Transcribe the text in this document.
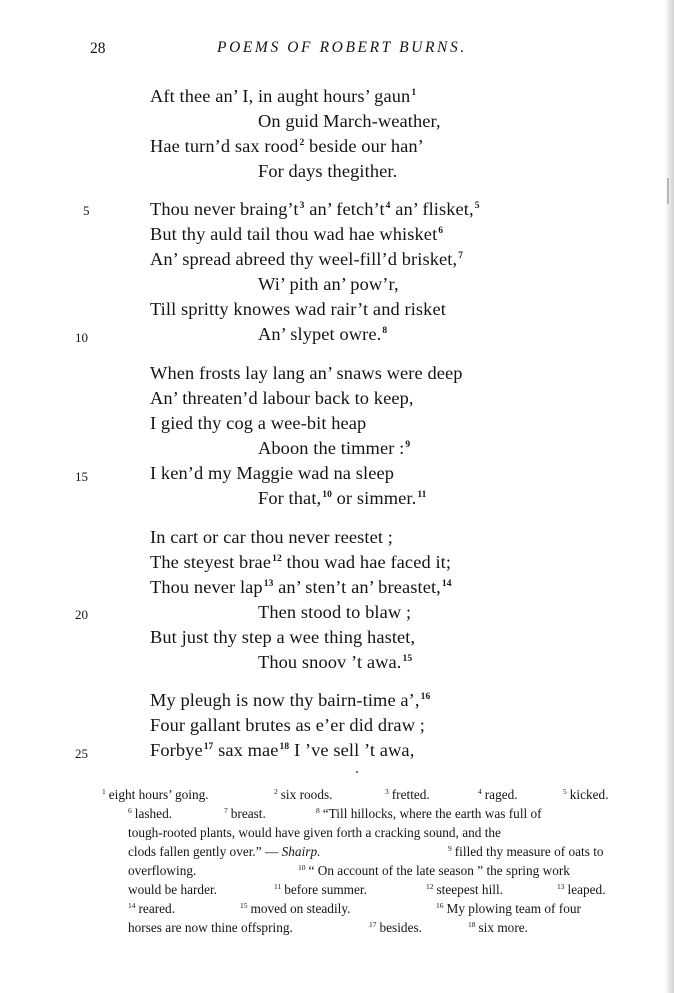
28	POEMS OF ROBERT BURNS.
Aft thee an’ I, in aught hours’ gaun$^1$
On guid March-weather,
Hae turn’d sax rood$^2$ beside our han’
For days thegither.
Thou never $braing’t^3$ an’ $fetch’t^4$ an’ flisket,$^5$
But thy auld tail thou wad hae whisket$^6$
An’ spread abreed thy weel-fill’d brisket,$^7$
Wi’ pith an’ pow’r,
Till spritty knowes wad rair’t and risket
An’ slypet owre.$^8$
When frosts lay lang an’ snaws were deep
An’ threaten’d labour back to keep,
I gied thy cog a wee-bit heap
Aboon the timmer :$^9$
I ken’d my Maggie wad na sleep
For that,$^{10}$ or simmer.$^{11}$
In cart or car thou never reestet ;
The steyest brae$^{12}$ thou wad hae faced it;
Thou never lap$^{13}$ an’ sten’t an’ breastet,$^{14}$
Then stood to blaw ;
But just thy step a wee thing hastet,
Thou snoov ’t awa.$^{15}$
My pleugh is now thy bairn-time a’,$^{16}$
Four gallant brutes as e’er did draw ;
Forbye$^{17}$ sax mae$^{18}$ I ’ve sell ’t awa,
5
10
15
20
25
$^1$ eight hours’ going.	$^2$ six roods.	$^3$ fretted.	$^4$ raged.	$^5$ kicked.
$^6$ lashed.	$^7$ breast.	$^8$ “Till hillocks, where the earth was full of
tough-rooted plants, would have given forth a cracking sound, and the
clods fallen gently over.” — Shairp.	$^9$ filled thy measure of oats to
overflowing.	$^{10}$ “ On account of the late season ” the spring work
would be harder.	$^{11}$ before summer.	$^{12}$ steepest hill.	$^{13}$ leaped.
$^{14}$ reared.	$^{15}$ moved on steadily.	$^{16}$ My plowing team of four
horses are now thine offspring.	$^{17}$ besides.	$^{18}$ six more.
